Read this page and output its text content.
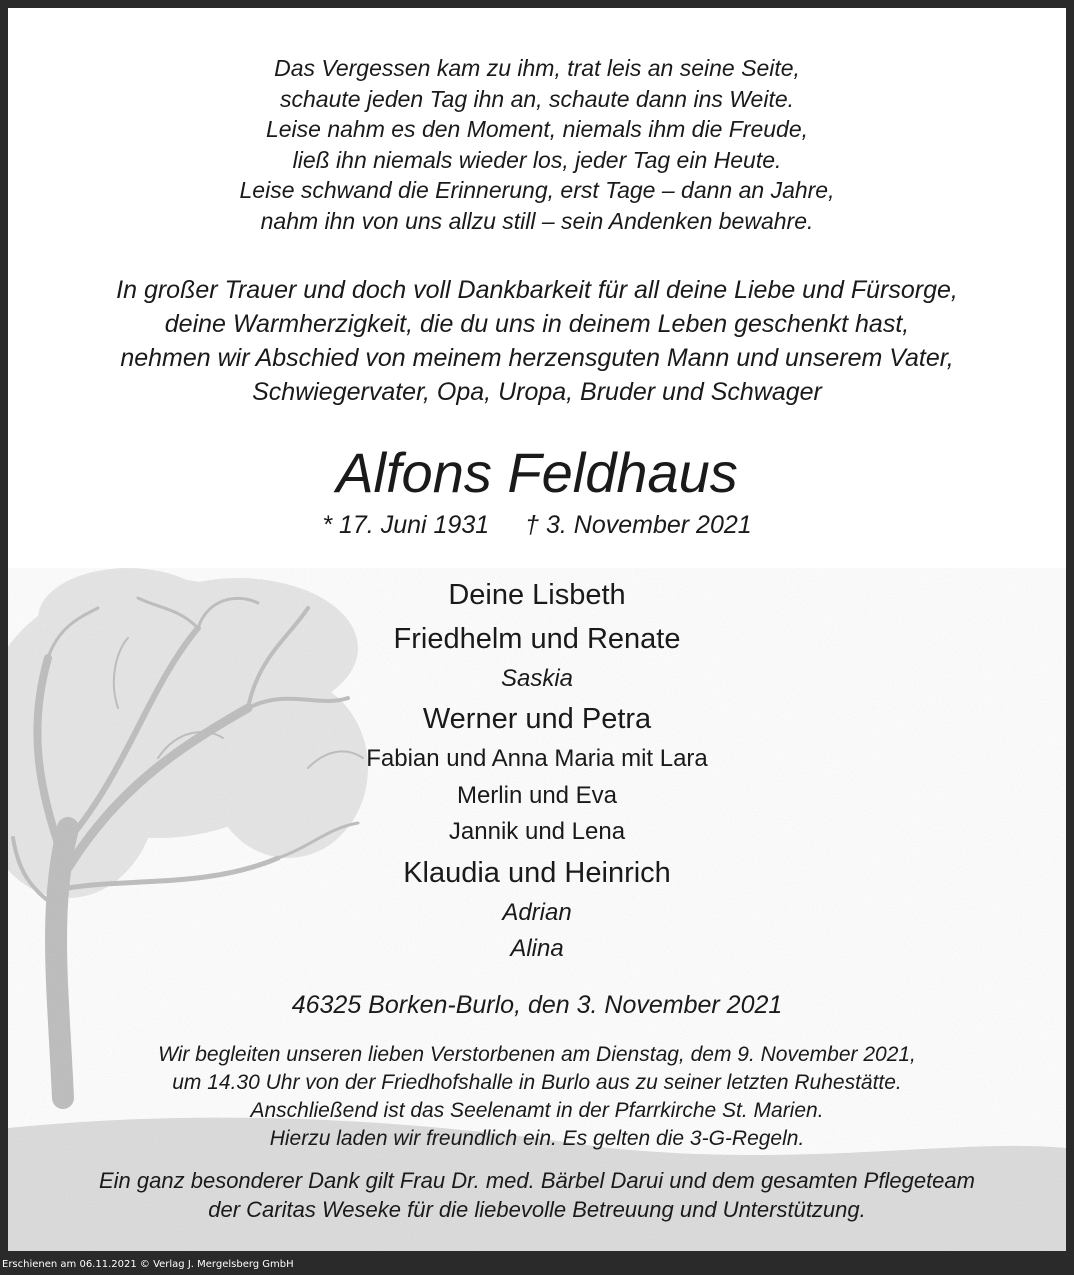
Das Vergessen kam zu ihm, trat leis an seine Seite,

schaute jeden Tag ihn an, schaute dann ins Weite.

Leise nahm es den Moment, niemals ihm die Freude,

ließ ihn niemals wieder los, jeder Tag ein Heute.

Leise schwand die Erinnerung, erst Tage – dann an Jahre,

nahm ihn von uns allzu still – sein Andenken bewahre.

In großer Trauer und doch voll Dankbarkeit für all deine Liebe und Fürsorge,

deine Warmherzigkeit, die du uns in deinem Leben geschenkt hast,

nehmen wir Abschied von meinem herzensguten Mann und unserem Vater,

Schwiegervater, Opa, Uropa, Bruder und Schwager

Alfons Feldhaus
* 17. Juni 1931 † 3. November 2021

Deine Lisbeth

Friedhelm und Renate

Saskia

Werner und Petra

Fabian und Anna Maria mit Lara

Merlin und Eva

Jannik und Lena

Klaudia und Heinrich

Adrian

Alina

46325 Borken-Burlo, den 3. November 2021

Wir begleiten unseren lieben Verstorbenen am Dienstag, dem 9. November 2021,

um 14.30 Uhr von der Friedhofshalle in Burlo aus zu seiner letzten Ruhestätte.

Anschließend ist das Seelenamt in der Pfarrkirche St. Marien.

Hierzu laden wir freundlich ein. Es gelten die 3-G-Regeln.

Ein ganz besonderer Dank gilt Frau Dr. med. Bärbel Darui und dem gesamten Pflegeteam

der Caritas Weseke für die liebevolle Betreuung und Unterstützung.

Erschienen am 06.11.2021 © Verlag J. Mergelsberg GmbH
